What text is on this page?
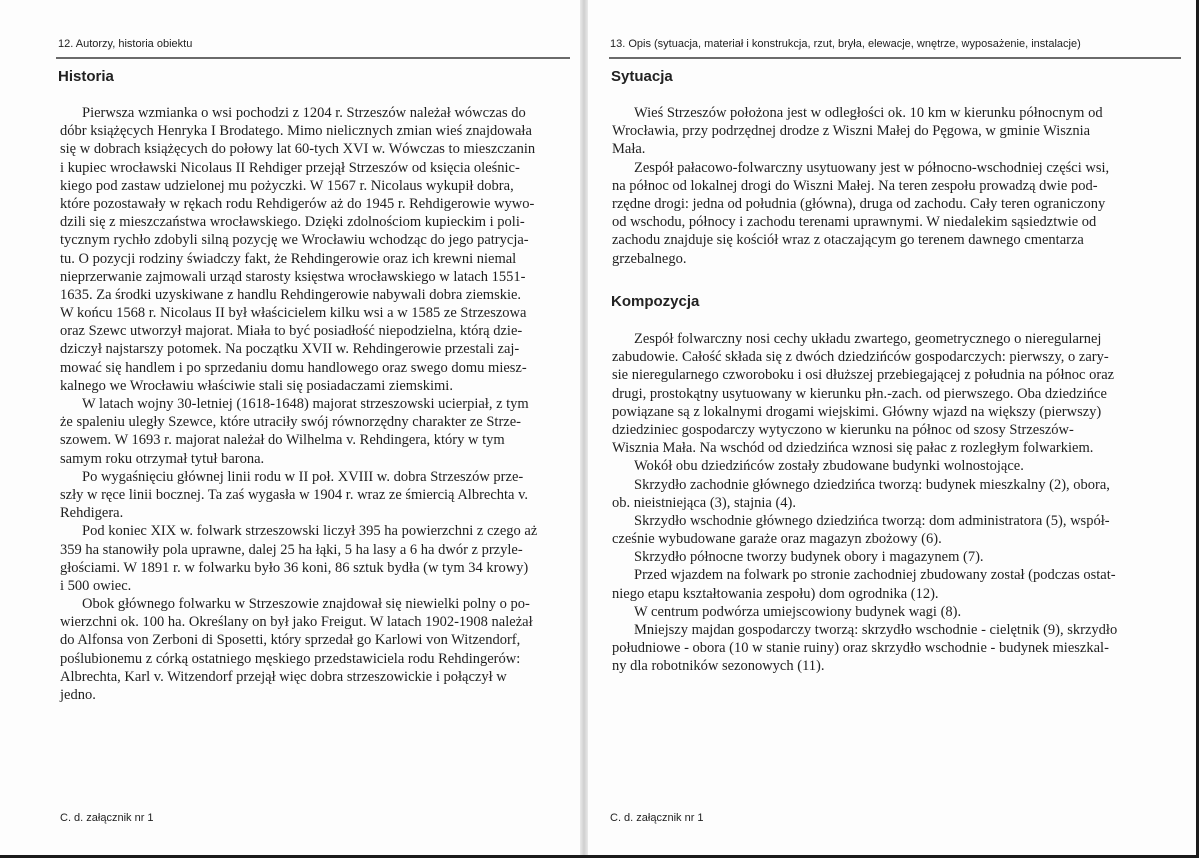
12. Autorzy, historia obiektu
Historia
Pierwsza wzmianka o wsi pochodzi z 1204 r. Strzeszów należał wówczas do
dóbr książęcych Henryka I Brodatego. Mimo nielicznych zmian wieś znajdowała
się w dobrach książęcych do połowy lat 60-tych XVI w. Wówczas to mieszczanin
i kupiec wrocławski Nicolaus II Rehdiger przejął Strzeszów od księcia oleśnic-
kiego pod zastaw udzielonej mu pożyczki. W 1567 r. Nicolaus wykupił dobra,
które pozostawały w rękach rodu Rehdigerów aż do 1945 r. Rehdigerowie wywo-
dzili się z mieszczaństwa wrocławskiego. Dzięki zdolnościom kupieckim i poli-
tycznym rychło zdobyli silną pozycję we Wrocławiu wchodząc do jego patrycja-
tu. O pozycji rodziny świadczy fakt, że Rehdingerowie oraz ich krewni niemal
nieprzerwanie zajmowali urząd starosty księstwa wrocławskiego w latach 1551-
1635. Za środki uzyskiwane z handlu Rehdingerowie nabywali dobra ziemskie.
W końcu 1568 r. Nicolaus II był właścicielem kilku wsi a w 1585 ze Strzeszowa
oraz Szewc utworzył majorat. Miała to być posiadłość niepodzielna, którą dzie-
dziczył najstarszy potomek. Na początku XVII w. Rehdingerowie przestali zaj-
mować się handlem i po sprzedaniu domu handlowego oraz swego domu miesz-
kalnego we Wrocławiu właściwie stali się posiadaczami ziemskimi.
W latach wojny 30-letniej (1618-1648) majorat strzeszowski ucierpiał, z tym
że spaleniu uległy Szewce, które utraciły swój równorzędny charakter ze Strze-
szowem. W 1693 r. majorat należał do Wilhelma v. Rehdingera, który w tym
samym roku otrzymał tytuł barona.
Po wygaśnięciu głównej linii rodu w II poł. XVIII w. dobra Strzeszów prze-
szły w ręce linii bocznej. Ta zaś wygasła w 1904 r. wraz ze śmiercią Albrechta v.
Rehdigera.
Pod koniec XIX w. folwark strzeszowski liczył 395 ha powierzchni z czego aż
359 ha stanowiły pola uprawne, dalej 25 ha łąki, 5 ha lasy a 6 ha dwór z przyle-
głościami. W 1891 r. w folwarku było 36 koni, 86 sztuk bydła (w tym 34 krowy)
i 500 owiec.
Obok głównego folwarku w Strzeszowie znajdował się niewielki polny o po-
wierzchni ok. 100 ha. Określany on był jako Freigut. W latach 1902-1908 należał
do Alfonsa von Zerboni di Sposetti, który sprzedał go Karlowi von Witzendorf,
poślubionemu z córką ostatniego męskiego przedstawiciela rodu Rehdingerów:
Albrechta, Karl v. Witzendorf przejął więc dobra strzeszowickie i połączył w
jedno.
C. d. załącznik nr 1
13. Opis (sytuacja, materiał i konstrukcja, rzut, bryła, elewacje, wnętrze, wyposażenie, instalacje)
Sytuacja
Wieś Strzeszów położona jest w odległości ok. 10 km w kierunku północnym od
Wrocławia, przy podrzędnej drodze z Wiszni Małej do Pęgowa, w gminie Wisznia
Mała.
Zespół pałacowo-folwarczny usytuowany jest w północno-wschodniej części wsi,
na północ od lokalnej drogi do Wiszni Małej. Na teren zespołu prowadzą dwie pod-
rzędne drogi: jedna od południa (główna), druga od zachodu. Cały teren ograniczony
od wschodu, północy i zachodu terenami uprawnymi. W niedalekim sąsiedztwie od
zachodu znajduje się kościół wraz z otaczającym go terenem dawnego cmentarza
grzebalnego.
Kompozycja
Zespół folwarczny nosi cechy układu zwartego, geometrycznego o nieregularnej
zabudowie. Całość składa się z dwóch dziedzińców gospodarczych: pierwszy, o zary-
sie nieregularnego czworoboku i osi dłuższej przebiegającej z południa na północ oraz
drugi, prostokątny usytuowany w kierunku płn.-zach. od pierwszego. Oba dziedzińce
powiązane są z lokalnymi drogami wiejskimi. Główny wjazd na większy (pierwszy)
dziedziniec gospodarczy wytyczono w kierunku na północ od szosy Strzeszów-
Wisznia Mała. Na wschód od dziedzińca wznosi się pałac z rozległym folwarkiem.
Wokół obu dziedzińców zostały zbudowane budynki wolnostojące.
Skrzydło zachodnie głównego dziedzińca tworzą: budynek mieszkalny (2), obora,
ob. nieistniejąca (3), stajnia (4).
Skrzydło wschodnie głównego dziedzińca tworzą: dom administratora (5), współ-
cześnie wybudowane garaże oraz magazyn zbożowy (6).
Skrzydło północne tworzy budynek obory i magazynem (7).
Przed wjazdem na folwark po stronie zachodniej zbudowany został (podczas ostat-
niego etapu kształtowania zespołu) dom ogrodnika (12).
W centrum podwórza umiejscowiony budynek wagi (8).
Mniejszy majdan gospodarczy tworzą: skrzydło wschodnie - cielętnik (9), skrzydło
południowe - obora (10 w stanie ruiny) oraz skrzydło wschodnie - budynek mieszkal-
ny dla robotników sezonowych (11).
C. d. załącznik nr 1
